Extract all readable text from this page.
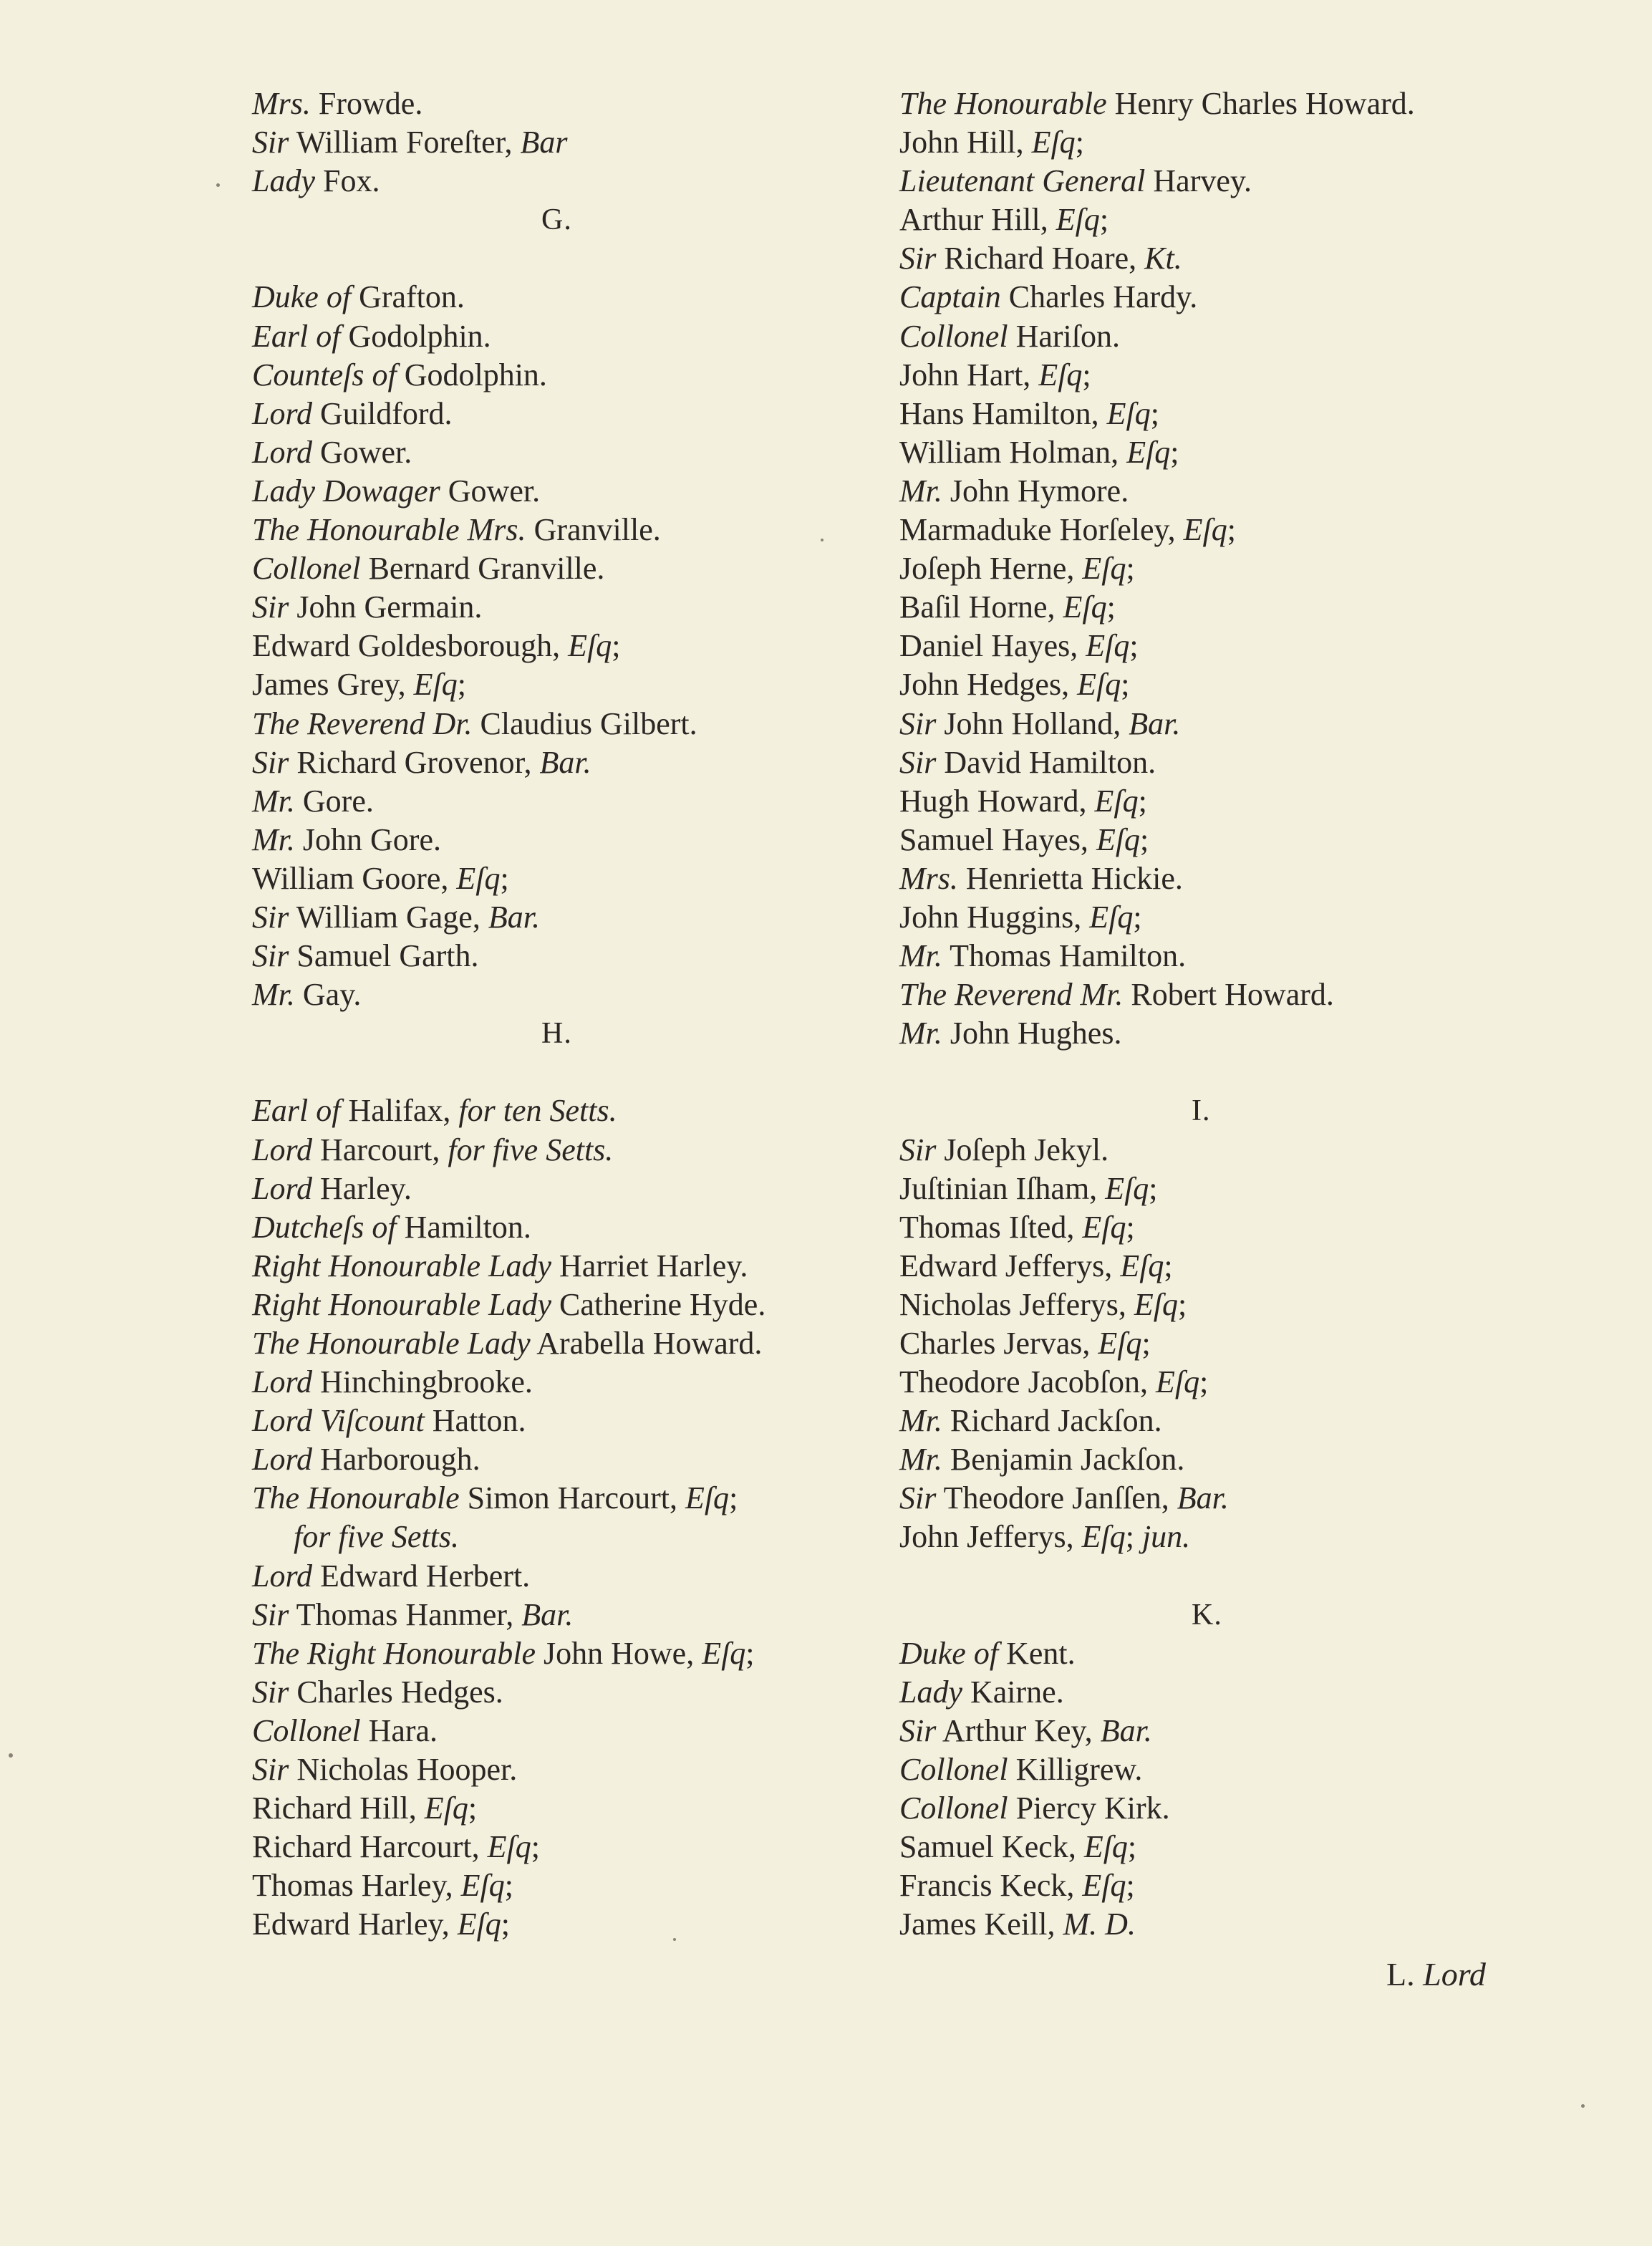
Mrs. Frowde.
Sir William Foreſter, Bar
Lady Fox.
G.
Duke of Grafton.
Earl of Godolphin.
Counteſs of Godolphin.
Lord Guildford.
Lord Gower.
Lady Dowager Gower.
The Honourable Mrs. Granville.
Collonel Bernard Granville.
Sir John Germain.
Edward Goldesborough, Eſq;
James Grey, Eſq;
The Reverend Dr. Claudius Gilbert.
Sir Richard Grovenor, Bar.
Mr. Gore.
Mr. John Gore.
William Goore, Eſq;
Sir William Gage, Bar.
Sir Samuel Garth.
Mr. Gay.
H.
Earl of Halifax, for ten Setts.
Lord Harcourt, for five Setts.
Lord Harley.
Dutcheſs of Hamilton.
Right Honourable Lady Harriet Harley.
Right Honourable Lady Catherine Hyde.
The Honourable Lady Arabella Howard.
Lord Hinchingbrooke.
Lord Viſcount Hatton.
Lord Harborough.
The Honourable Simon Harcourt, Eſq;
for five Setts.
Lord Edward Herbert.
Sir Thomas Hanmer, Bar.
The Right Honourable John Howe, Eſq;
Sir Charles Hedges.
Collonel Hara.
Sir Nicholas Hooper.
Richard Hill, Eſq;
Richard Harcourt, Eſq;
Thomas Harley, Eſq;
Edward Harley, Eſq;
The Honourable Henry Charles Howard.
John Hill, Eſq;
Lieutenant General Harvey.
Arthur Hill, Eſq;
Sir Richard Hoare, Kt.
Captain Charles Hardy.
Collonel Hariſon.
John Hart, Eſq;
Hans Hamilton, Eſq;
William Holman, Eſq;
Mr. John Hymore.
Marmaduke Horſeley, Eſq;
Joſeph Herne, Eſq;
Baſil Horne, Eſq;
Daniel Hayes, Eſq;
John Hedges, Eſq;
Sir John Holland, Bar.
Sir David Hamilton.
Hugh Howard, Eſq;
Samuel Hayes, Eſq;
Mrs. Henrietta Hickie.
John Huggins, Eſq;
Mr. Thomas Hamilton.
The Reverend Mr. Robert Howard.
Mr. John Hughes.
I.
Sir Joſeph Jekyl.
Juſtinian Iſham, Eſq;
Thomas Iſted, Eſq;
Edward Jefferys, Eſq;
Nicholas Jefferys, Eſq;
Charles Jervas, Eſq;
Theodore Jacobſon, Eſq;
Mr. Richard Jackſon.
Mr. Benjamin Jackſon.
Sir Theodore Janſſen, Bar.
John Jefferys, Eſq; jun.
K.
Duke of Kent.
Lady Kairne.
Sir Arthur Key, Bar.
Collonel Killigrew.
Collonel Piercy Kirk.
Samuel Keck, Eſq;
Francis Keck, Eſq;
James Keill, M. D.
L. Lord
